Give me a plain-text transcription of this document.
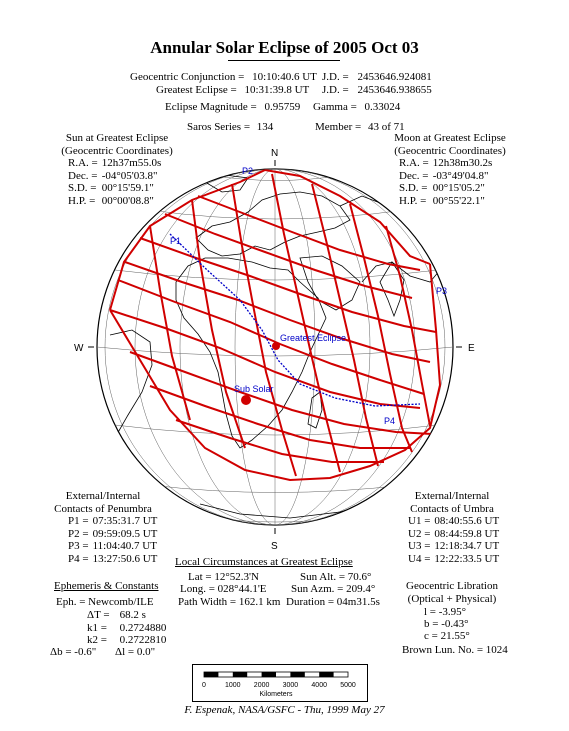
Annular Solar Eclipse of 2005 Oct 03
Geocentric Conjunction = 10:10:40.6 UT J.D. = 2453646.924081
Greatest Eclipse = 10:31:39.8 UT J.D. = 2453646.938655
Eclipse Magnitude = 0.95759 Gamma = 0.33024
Saros Series = 134	Member = 43 of 71
Sun at Greatest Eclipse
(Geocentric Coordinates)
R.A. = 12h37m55.0s
Dec. = -04°05'03.8"
S.D. = 00°15'59.1"
H.P. = 00°00'08.8"
Moon at Greatest Eclipse
(Geocentric Coordinates)
R.A. = 12h38m30.2s
Dec. = -03°49'04.8"
S.D. = 00°15'05.2"
H.P. = 00°55'22.1"
P2
P1
P3
P4
Greatest Eclipse
Sub Solar
N
S
W	E
External/Internal
Contacts of Penumbra
P1 = 07:35:31.7 UT
P2 = 09:59:09.5 UT
P3 = 11:04:40.7 UT
P4 = 13:27:50.6 UT
External/Internal
Contacts of Umbra
U1 = 08:40:55.6 UT
U2 = 08:44:59.8 UT
U3 = 12:18:34.7 UT
U4 = 12:22:33.5 UT
Local Circumstances at Greatest Eclipse
Lat = 12°52.3'N	Sun Alt. = 70.6°
Long. = 028°44.1'E Sun Azm. = 209.4°
Path Width = 162.1 km Duration = 04m31.5s
Ephemeris & Constants
Eph. = Newcomb/ILE
ΔT = 68.2 s
k1 = 0.2724880
k2 = 0.2722810
Δb = -0.6" Δl = 0.0"
Geocentric Libration
(Optical + Physical)
l = -3.95°
b = -0.43°
c = 21.55°
Brown Lun. No. = 1024
0	1000 2000 3000 4000 5000
Kilometers
F. Espenak, NASA/GSFC - Thu, 1999 May 27
